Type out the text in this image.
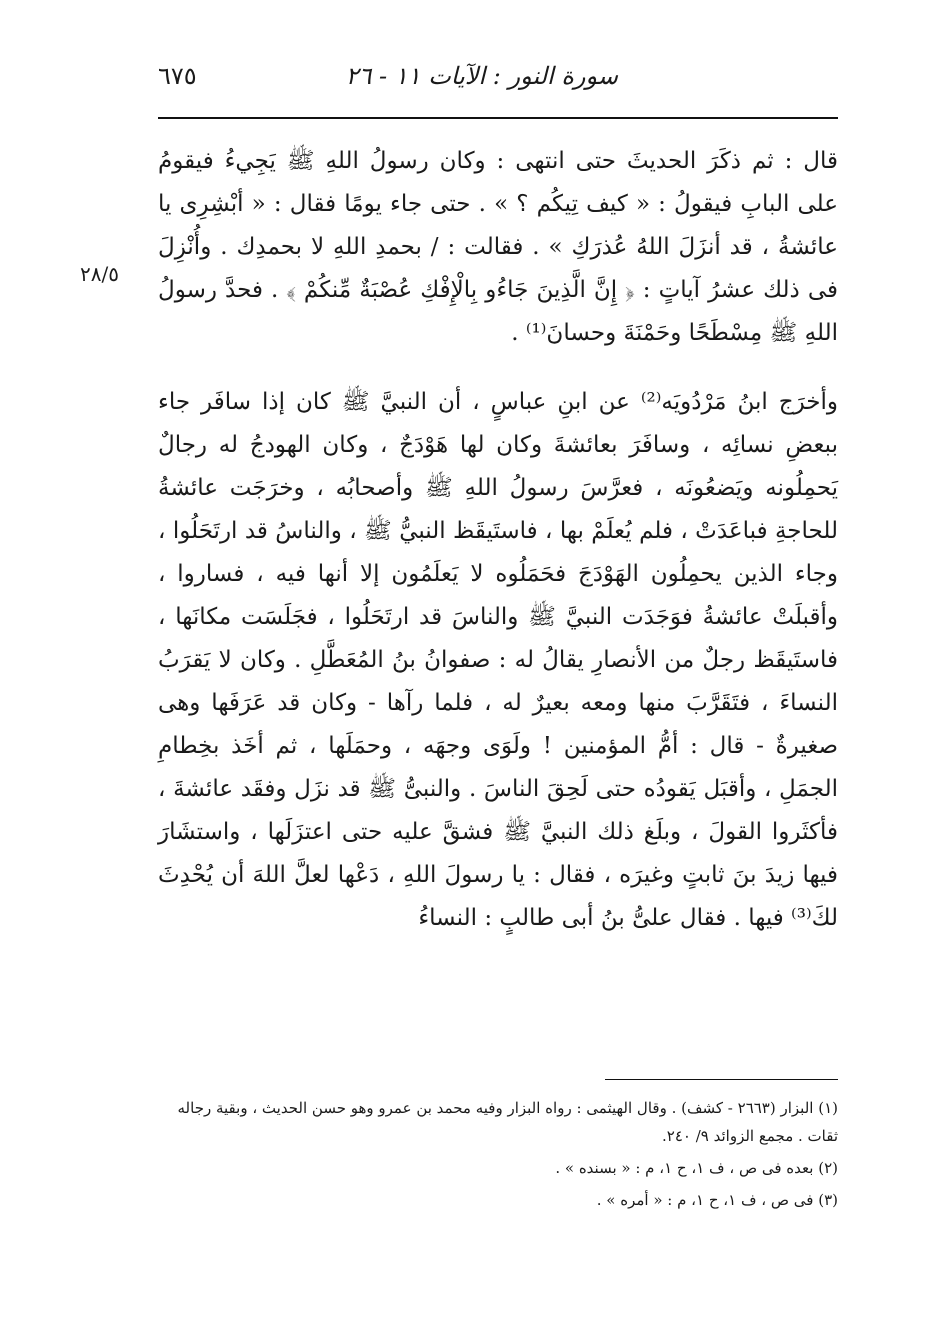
٦٧٥	سورة النور : الآيات ١١ - ٢٦
٢٨/٥

قال : ثم ذكَرَ الحديثَ حتى انتهى : وكان رسولُ اللهِ ﷺ يَجِيءُ فيقومُ على البابِ فيقولُ : « كيف تِيكُم ؟ » . حتى جاء يومًا فقال : « أبْشِرِى يا عائشةُ ، قد أنزَلَ اللهُ عُذرَكِ » . فقالت : / بحمدِ اللهِ لا بحمدِك . وأُنْزِلَ فى ذلك عشرُ آياتٍ : ﴿ إِنَّ الَّذِينَ جَاءُو بِالْإِفْكِ عُصْبَةٌ مِّنكُمْ ﴾ . فحدَّ رسولُ اللهِ ﷺ مِسْطَحًا وحَمْنَةَ وحسانَ⁽¹⁾ .

وأخرَج ابنُ مَرْدُويَه⁽²⁾ عن ابنِ عباسٍ ، أن النبيَّ ﷺ كان إذا سافَر جاء ببعضِ نسائِه ، وسافَرَ بعائشةَ وكان لها هَوْدَجٌ ، وكان الهودجُ له رجالٌ يَحمِلُونه ويَضعُونَه ، فعرَّسَ رسولُ اللهِ ﷺ وأصحابُه ، وخرَجَت عائشةُ للحاجةِ فباعَدَتْ ، فلم يُعلَمْ بها ، فاستَيقَظ النبيُّ ﷺ ، والناسُ قد ارتَحَلُوا ، وجاء الذين يحمِلُون الهَوْدَجَ فحَمَلُوه لا يَعلَمُون إلا أنها فيه ، فساروا ، وأقبلَتْ عائشةُ فوَجَدَت النبيَّ ﷺ والناسَ قد ارتَحَلُوا ، فجَلَسَت مكانَها ، فاستَيقَظ رجلٌ من الأنصارِ يقالُ له : صفوانُ بنُ المُعَطَّلِ . وكان لا يَقرَبُ النساءَ ، فتَقَرَّبَ منها ومعه بعيرٌ له ، فلما رآها - وكان قد عَرَفَها وهى صغيرةٌ - قال : أمُّ المؤمنين ! ولَوَى وجهَه ، وحمَلَها ، ثم أخَذ بخِطامِ الجمَلِ ، وأقبَل يَقودُه حتى لَحِقَ الناسَ . والنبىُّ ﷺ قد نزَل وفقَد عائشةَ ، فأكثَروا القولَ ، وبلَغ ذلك النبيَّ ﷺ فشقَّ عليه حتى اعتزَلَها ، واستشَارَ فيها زيدَ بنَ ثابتٍ وغيرَه ، فقال : يا رسولَ اللهِ ، دَعْها لعلَّ اللهَ أن يُحْدِثَ لكَ⁽³⁾ فيها . فقال علىُّ بنُ أبى طالبٍ : النساءُ

(١) البزار (٢٦٦٣ - كشف) . وقال الهيثمى : رواه البزار وفيه محمد بن عمرو وهو حسن الحديث ، وبقية رجاله ثقات . مجمع الزوائد ٩/ ٢٤٠.

(٢) بعده فى ص ، ف ١، ح ١، م : « بسنده » .

(٣) فى ص ، ف ١، ح ١، م : « أمره » .
